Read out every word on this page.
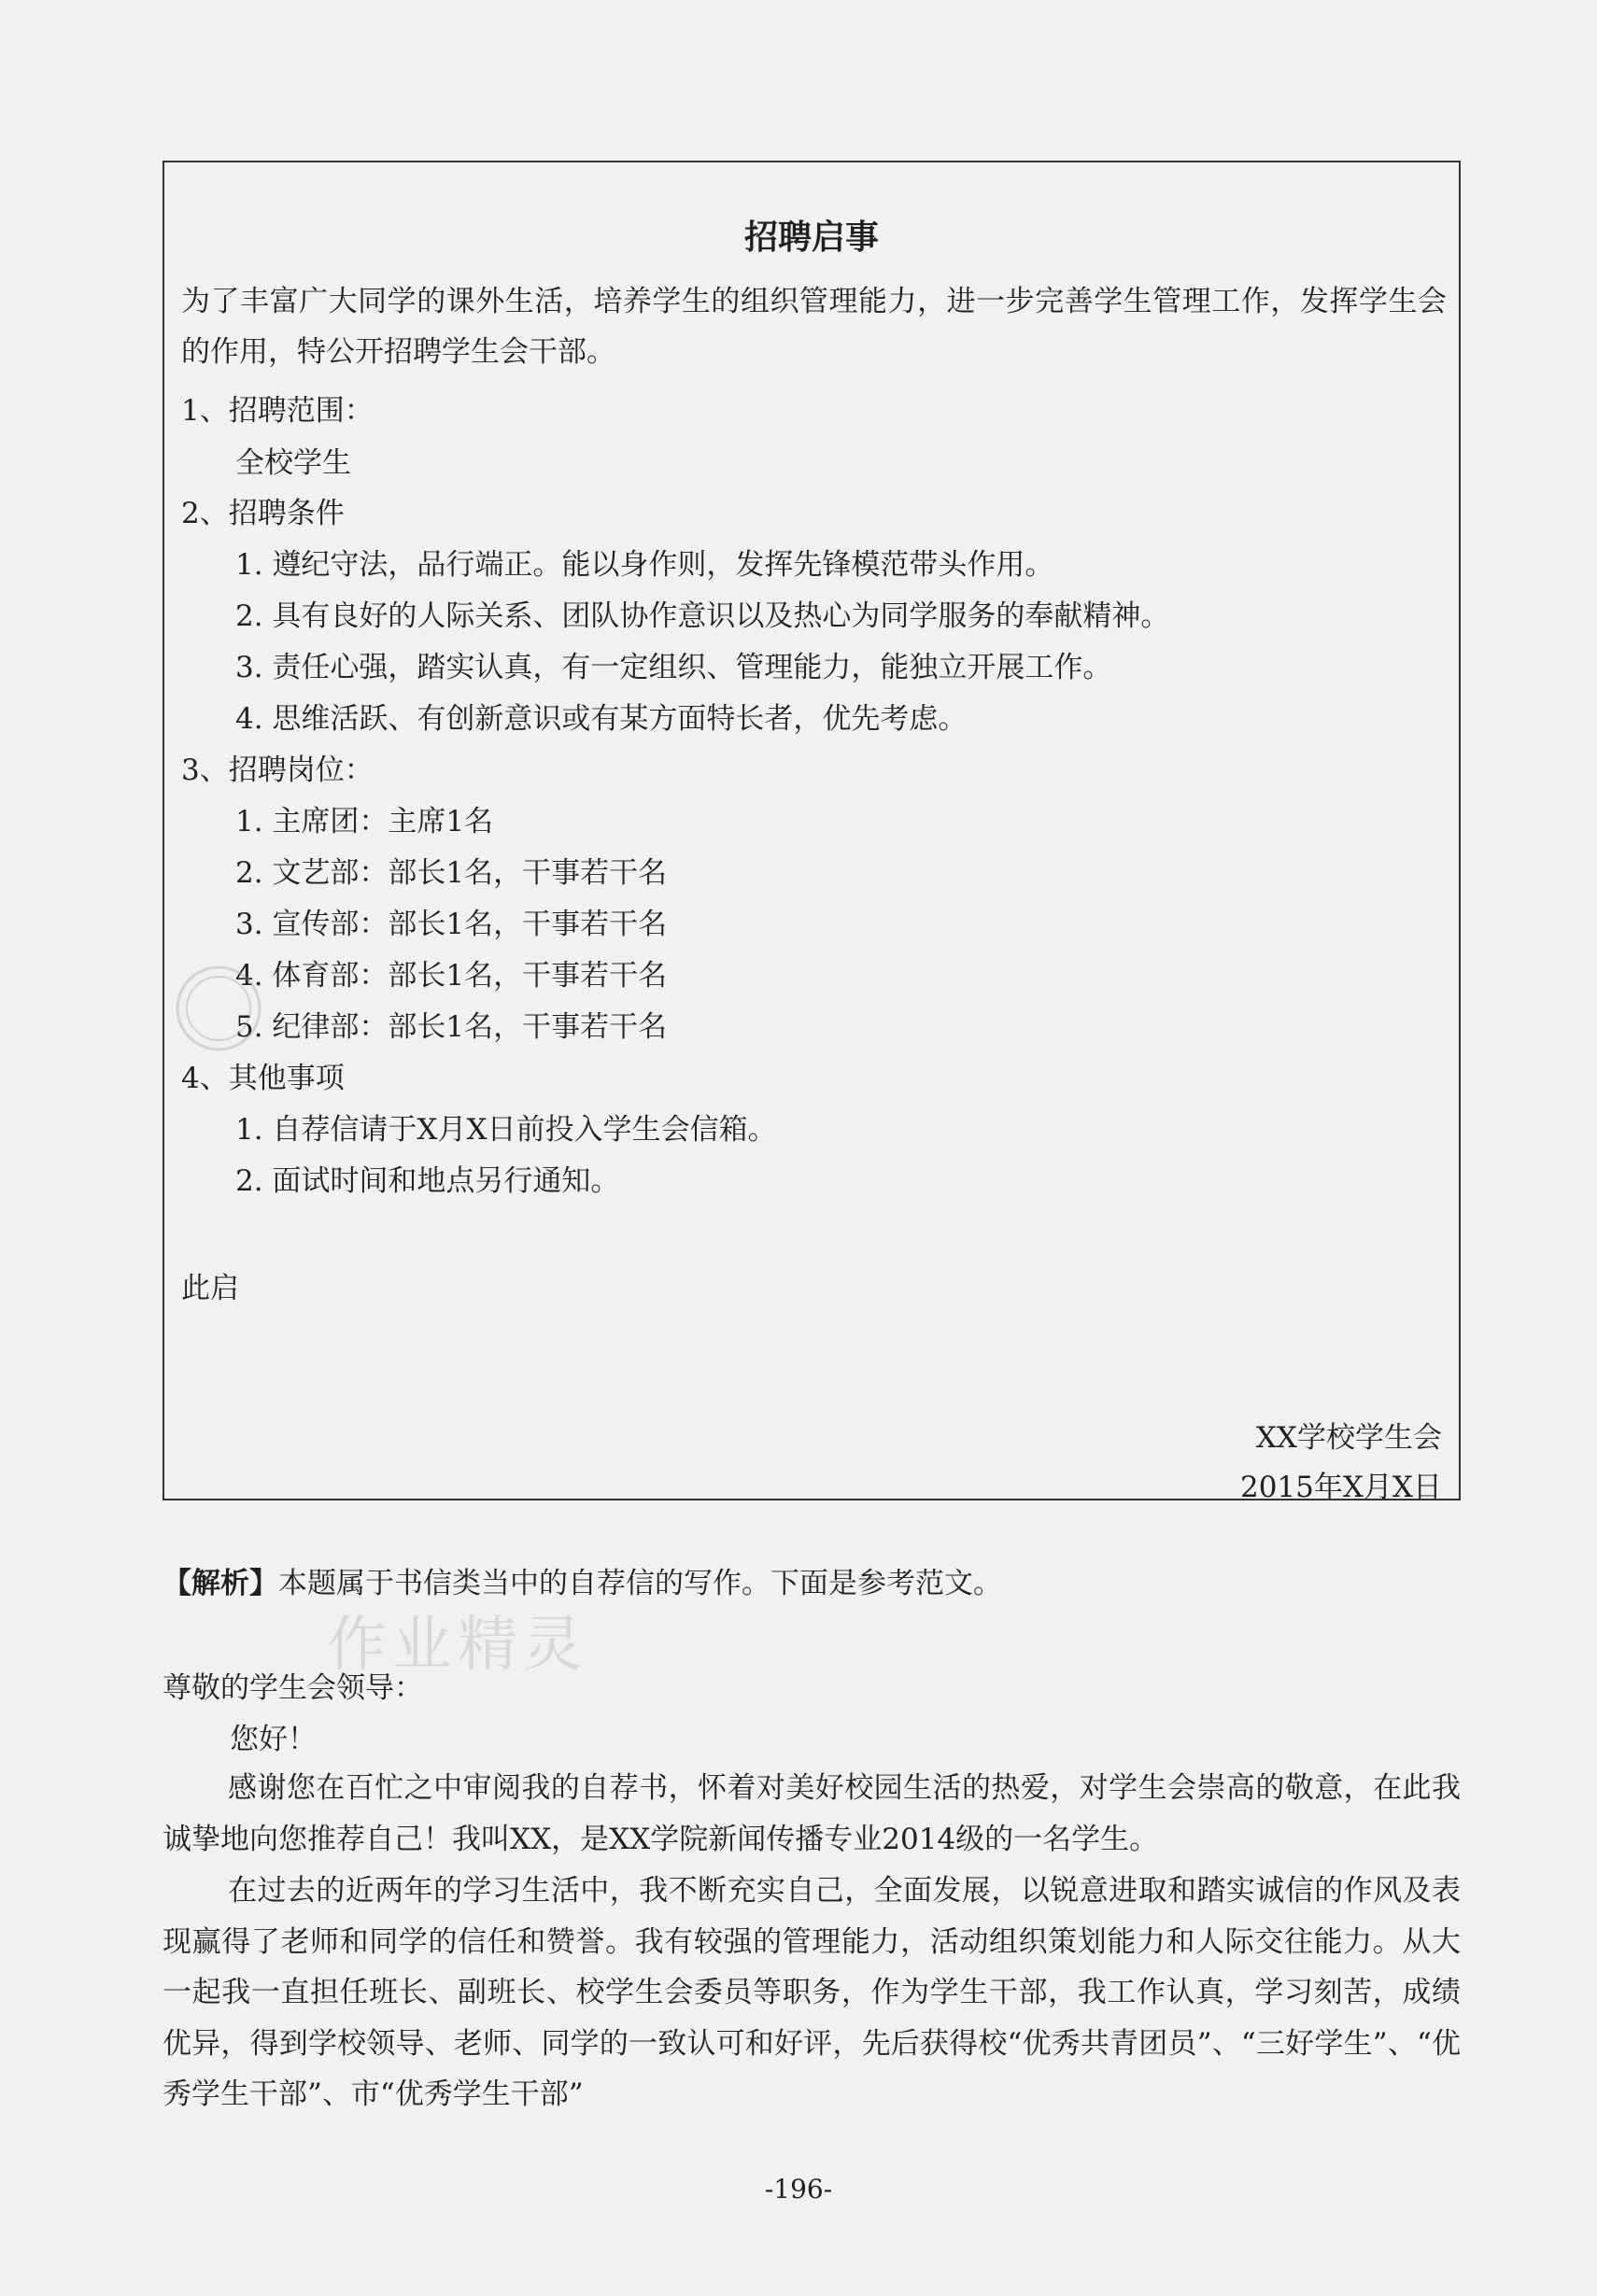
招聘启事
为了丰富广大同学的课外生活，培养学生的组织管理能力，进一步完善学生管理工作，发挥学生会的作用，特公开招聘学生会干部。
1、招聘范围：
全校学生
2、招聘条件
1. 遵纪守法，品行端正。能以身作则，发挥先锋模范带头作用。
2. 具有良好的人际关系、团队协作意识以及热心为同学服务的奉献精神。
3. 责任心强，踏实认真，有一定组织、管理能力，能独立开展工作。
4. 思维活跃、有创新意识或有某方面特长者，优先考虑。
3、招聘岗位：
1. 主席团：主席1名
2. 文艺部：部长1名，干事若干名
3. 宣传部：部长1名，干事若干名
4. 体育部：部长1名，干事若干名
5. 纪律部：部长1名，干事若干名
4、其他事项
1. 自荐信请于X月X日前投入学生会信箱。
2. 面试时间和地点另行通知。
此启
XX学校学生会
2015年X月X日
作业精灵
【解析】本题属于书信类当中的自荐信的写作。下面是参考范文。
尊敬的学生会领导：
您好！
感谢您在百忙之中审阅我的自荐书，怀着对美好校园生活的热爱，对学生会崇高的敬意，在此我诚挚地向您推荐自己！我叫XX，是XX学院新闻传播专业2014级的一名学生。
在过去的近两年的学习生活中，我不断充实自己，全面发展，以锐意进取和踏实诚信的作风及表现赢得了老师和同学的信任和赞誉。我有较强的管理能力，活动组织策划能力和人际交往能力。从大一起我一直担任班长、副班长、校学生会委员等职务，作为学生干部，我工作认真，学习刻苦，成绩优异，得到学校领导、老师、同学的一致认可和好评，先后获得校“优秀共青团员”、“三好学生”、“优秀学生干部”、市“优秀学生干部”
-196-
